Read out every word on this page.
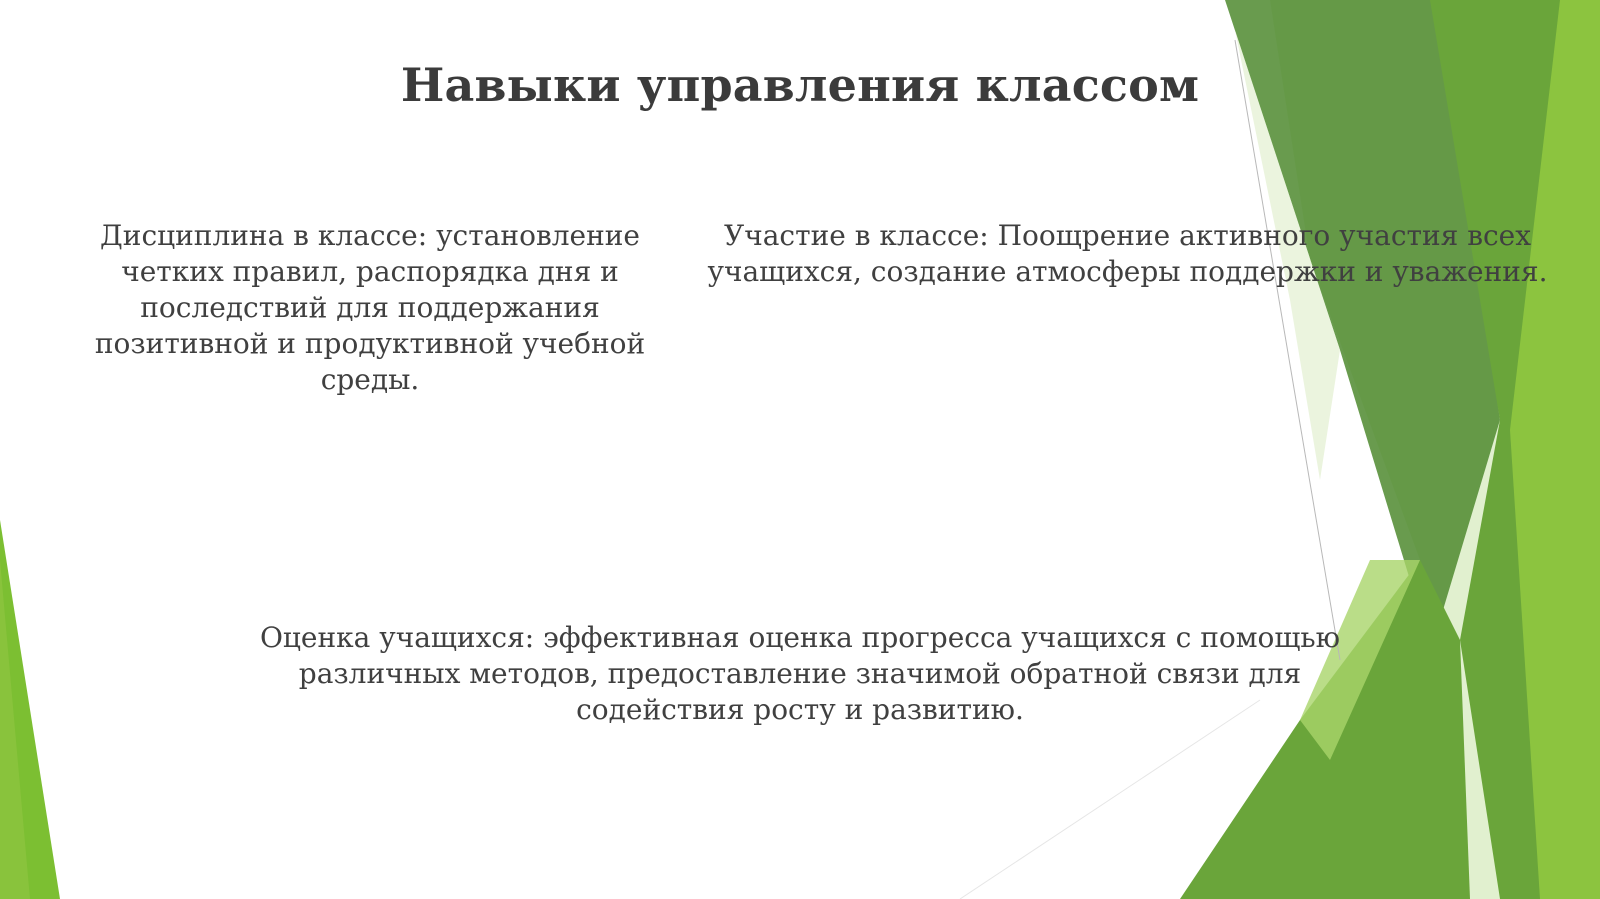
Навыки управления классом
Дисциплина в классе: установление четких правил, распорядка дня и последствий для поддержания позитивной и продуктивной учебной среды.
Участие в классе: Поощрение активного участия всех учащихся, создание атмосферы поддержки и уважения.
Оценка учащихся: эффективная оценка прогресса учащихся с помощью различных методов, предоставление значимой обратной связи для содействия росту и развитию.
